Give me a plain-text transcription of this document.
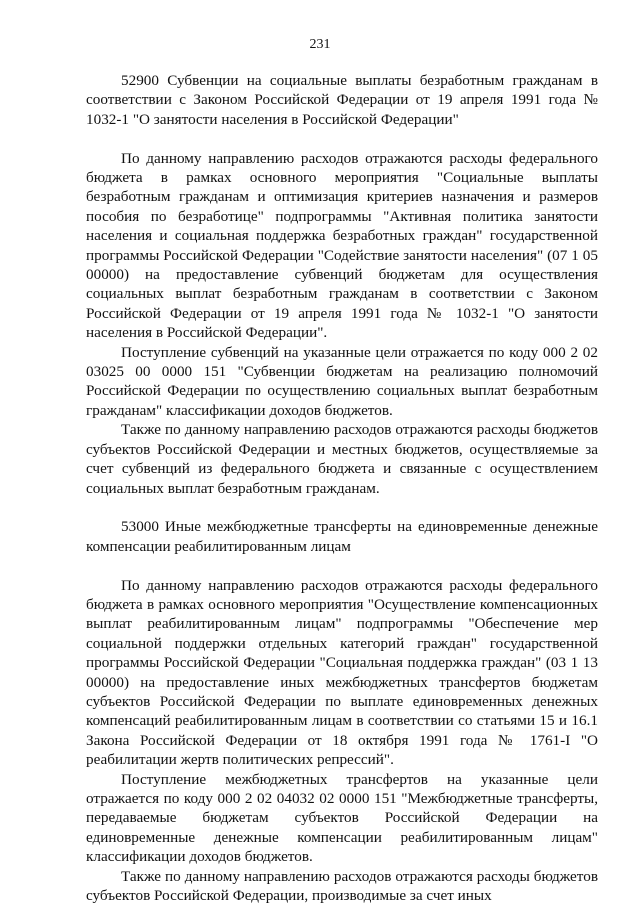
231

52900 Субвенции на социальные выплаты безработным гражданам в соответствии с Законом Российской Федерации от 19 апреля 1991 года № 1032-1 "О занятости населения в Российской Федерации"

По данному направлению расходов отражаются расходы федерального бюджета в рамках основного мероприятия "Социальные выплаты безработным гражданам и оптимизация критериев назначения и размеров пособия по безработице" подпрограммы "Активная политика занятости населения и социальная поддержка безработных граждан" государственной программы Российской Федерации "Содействие занятости населения" (07 1 05 00000) на предоставление субвенций бюджетам для осуществления социальных выплат безработным гражданам в соответствии с Законом Российской Федерации от 19 апреля 1991 года № 1032-1 "О занятости населения в Российской Федерации".

Поступление субвенций на указанные цели отражается по коду 000 2 02 03025 00 0000 151 "Субвенции бюджетам на реализацию полномочий Российской Федерации по осуществлению социальных выплат безработным гражданам" классификации доходов бюджетов.

Также по данному направлению расходов отражаются расходы бюджетов субъектов Российской Федерации и местных бюджетов, осуществляемые за счет субвенций из федерального бюджета и связанные с осуществлением социальных выплат безработным гражданам.

53000 Иные межбюджетные трансферты на единовременные денежные компенсации реабилитированным лицам

По данному направлению расходов отражаются расходы федерального бюджета в рамках основного мероприятия "Осуществление компенсационных выплат реабилитированным лицам" подпрограммы "Обеспечение мер социальной поддержки отдельных категорий граждан" государственной программы Российской Федерации "Социальная поддержка граждан" (03 1 13 00000) на предоставление иных межбюджетных трансфертов бюджетам субъектов Российской Федерации по выплате единовременных денежных компенсаций реабилитированным лицам в соответствии со статьями 15 и 16.1 Закона Российской Федерации от 18 октября 1991 года № 1761-I "О реабилитации жертв политических репрессий".

Поступление межбюджетных трансфертов на указанные цели отражается по коду 000 2 02 04032 02 0000 151 "Межбюджетные трансферты, передаваемые бюджетам субъектов Российской Федерации на единовременные денежные компенсации реабилитированным лицам" классификации доходов бюджетов.

Также по данному направлению расходов отражаются расходы бюджетов субъектов Российской Федерации, производимые за счет иных
